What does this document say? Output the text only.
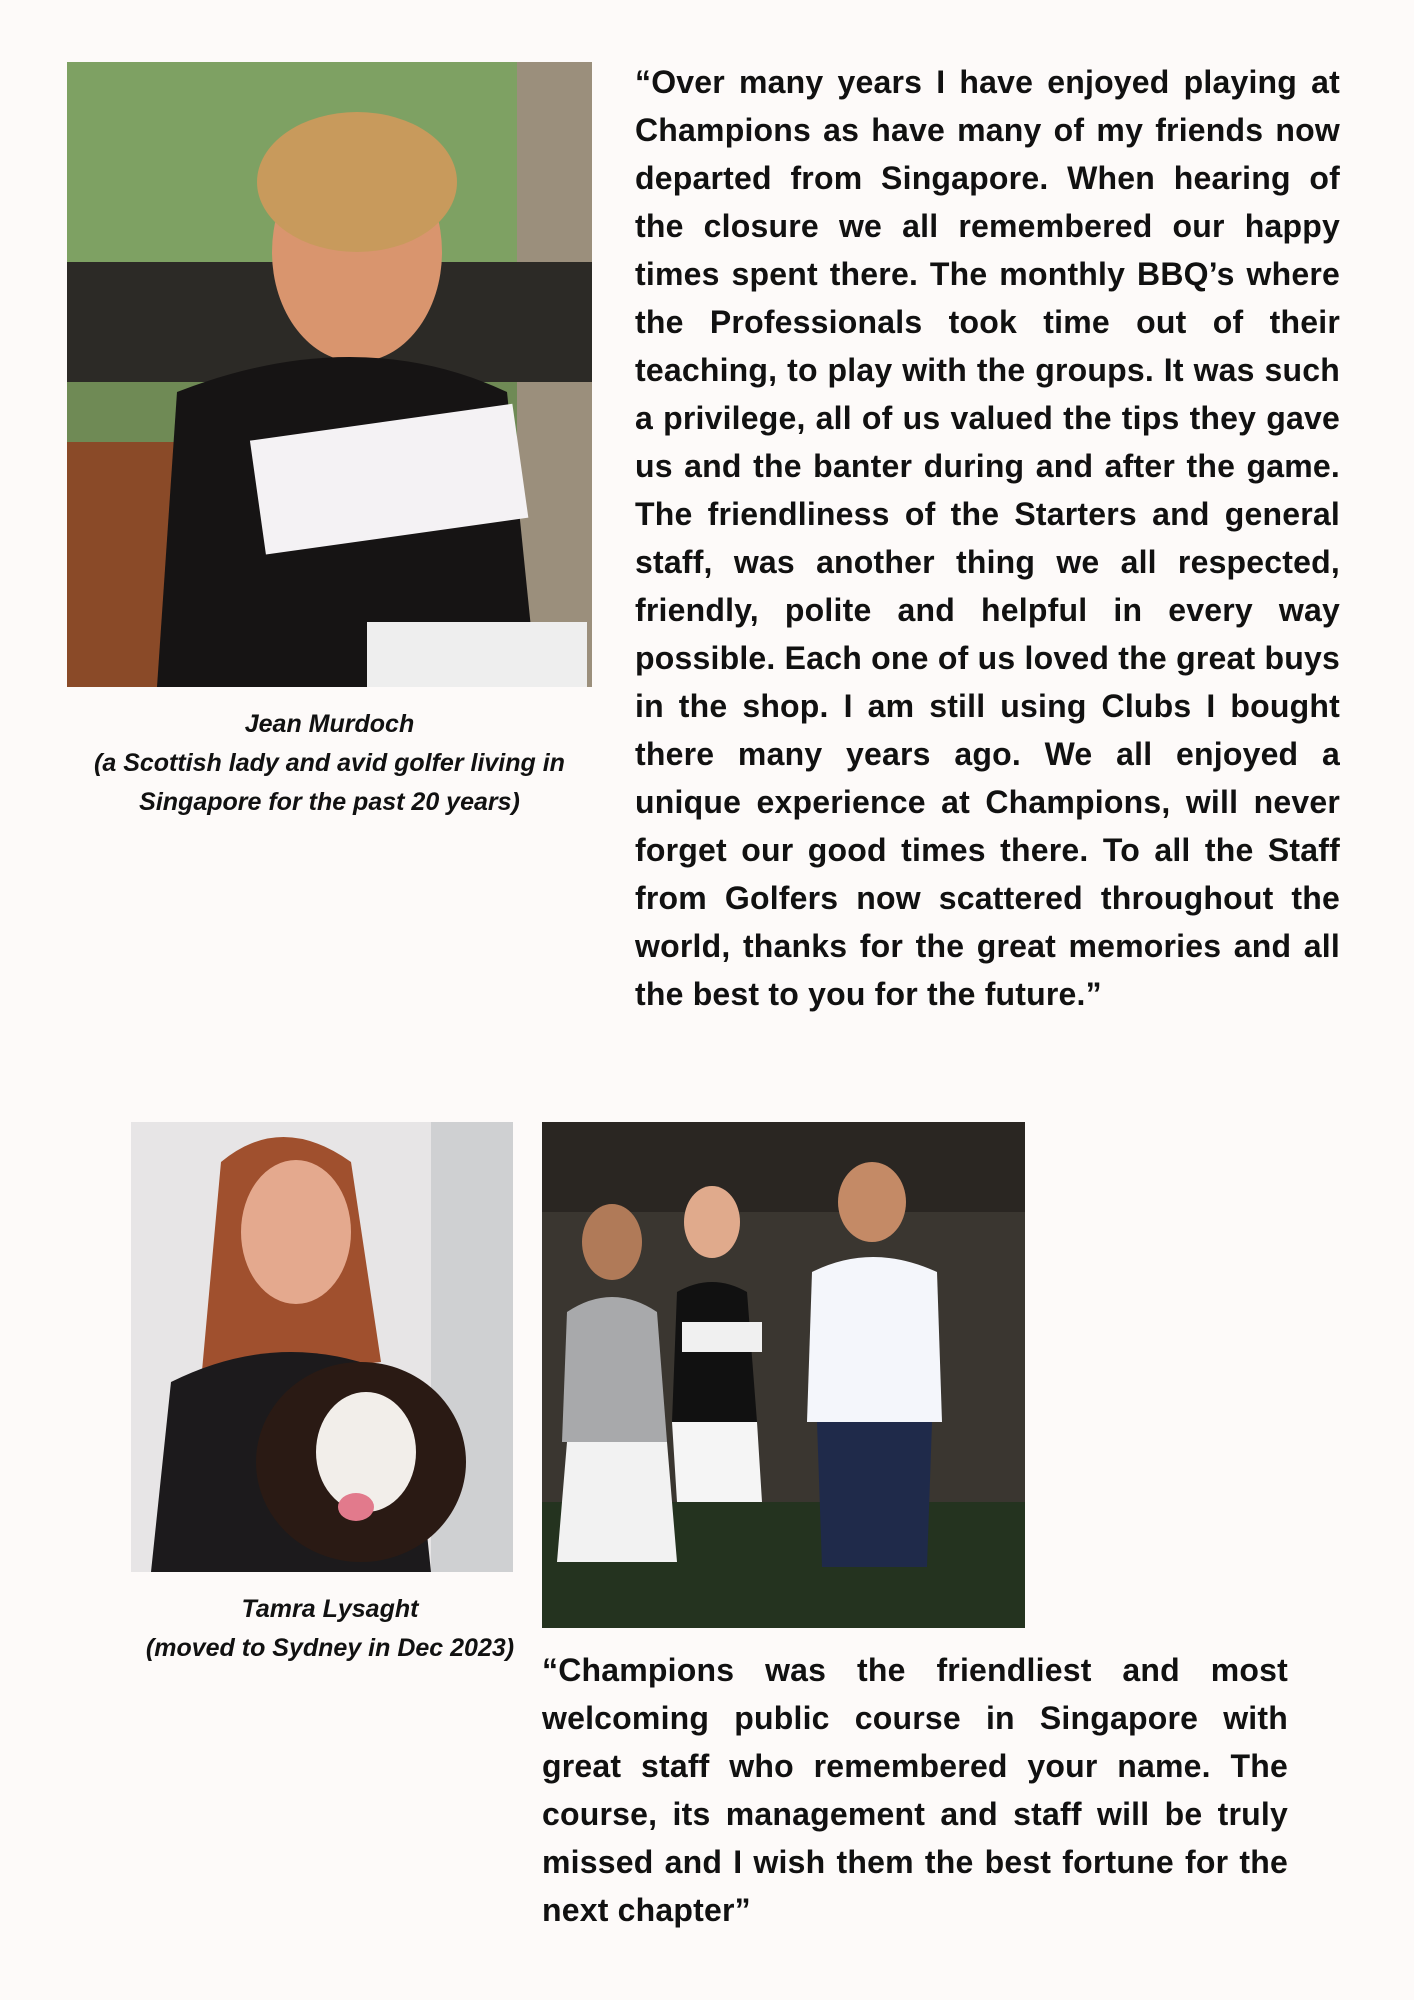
“Over many years I have enjoyed playing at Champions as have many of my friends now departed from Singapore. When hearing of the closure we all remembered our happy times spent there. The monthly BBQ’s where the Professionals took time out of their teaching, to play with the groups. It was such a privilege, all of us valued the tips they gave us and the banter during and after the game. The friendliness of the Starters and general staff, was another thing we all respected, friendly, polite and helpful in every way possible. Each one of us loved the great buys in the shop. I am still using Clubs I bought there many years ago. We all enjoyed a unique experience at Champions, will never forget our good times there. To all the Staff from Golfers now scattered throughout the world, thanks for the great memories and all the best to you for the future.”
Jean Murdoch
(a Scottish lady and avid golfer living in
Singapore for the past 20 years)
Tamra Lysaght
(moved to Sydney in Dec 2023)
“Champions was the friendliest and most welcoming public course in Singapore with great staff who remembered your name. The course, its management and staff will be truly missed and I wish them the best fortune for the next chapter”
